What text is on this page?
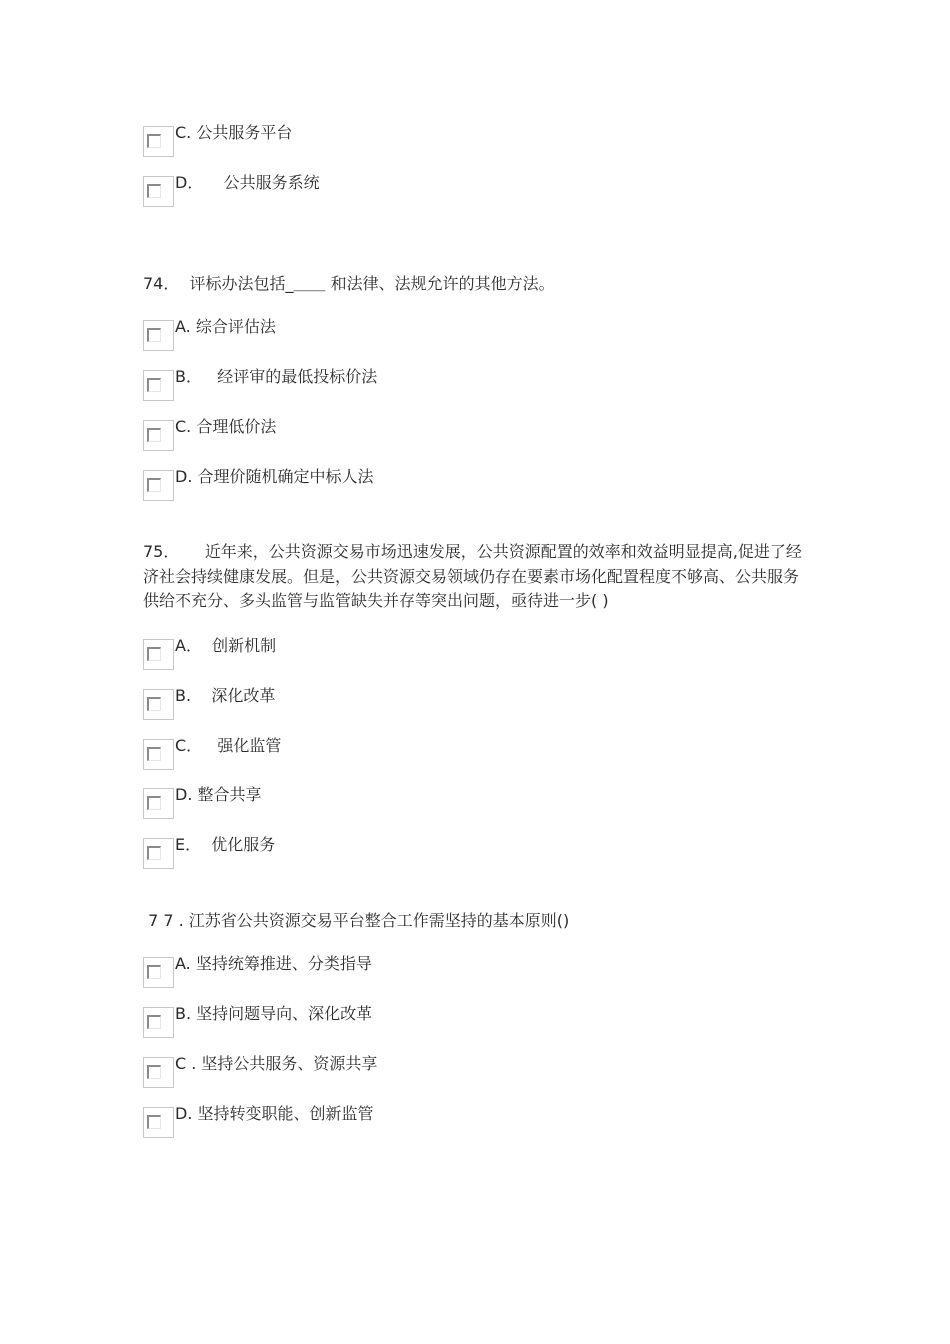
C. 公共服务平台
D．    公共服务系统
74．  评标办法包括_＿＿ 和法律、法规允许的其他方法。
A. 综合评估法
B．   经评审的最低投标价法
C. 合理低价法
D. 合理价随机确定中标人法
75．     近年来，公共资源交易市场迅速发展，公共资源配置的效率和效益明显提高,促进了经济社会持续健康发展。但是，公共资源交易领域仍存在要素市场化配置程度不够高、公共服务供给不充分、多头监管与监管缺失并存等突出问题，亟待进一步( )
A．  创新机制
B.    深化改革
C．   强化监管
D. 整合共享
E．  优化服务
7 7 . 江苏省公共资源交易平台整合工作需坚持的基本原则()
A. 坚持统筹推进、分类指导
B. 坚持问题导向、深化改革
C . 坚持公共服务、资源共享
D. 坚持转变职能、创新监管
